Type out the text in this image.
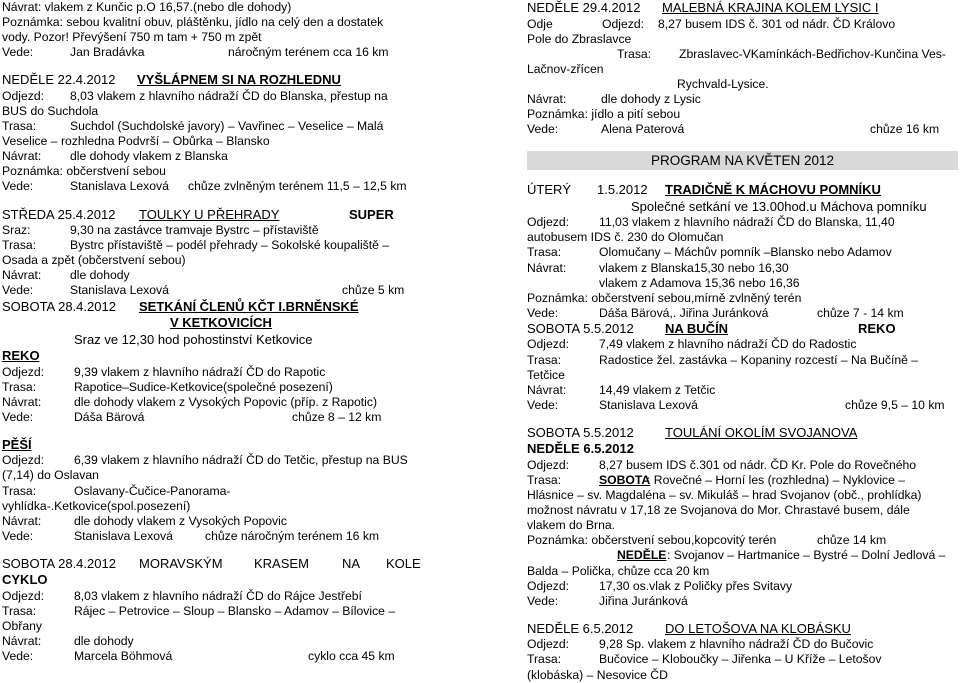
Návrat: vlakem z Kunčic p.O 16,57.(nebo dle dohody)
Poznámka: sebou kvalitní obuv, pláštěnku, jídlo na celý den a dostatek
vody. Pozor! Převýšení 750 m tam + 750 m zpět
Vede:	Jan Bradávka	náročným terénem cca 16 km
NEDĚLE 22.4.2012 VYŠLÁPNEM SI NA ROZHLEDNU
Odjezd: 8,03 vlakem z hlavního nádraží ČD do Blanska, přestup na
BUS do Suchdola
Trasa:	Suchdol (Suchdolské javory) – Vavřinec – Veselice – Malá
Veselice – rozhledna Podvrší – Obůrka – Blansko
Návrat: dle dohody vlakem z Blanska
Poznámka: občerstvení sebou
Vede:	Stanislava Lexová chůze zvlněným terénem 11,5 – 12,5 km
STŘEDA 25.4.2012 TOULKY U PŘEHRADY	SUPER
Sraz:	9,30 na zastávce tramvaje Bystrc – přístaviště
Trasa:	Bystrc přístaviště – podél přehrady – Sokolské koupaliště –
Osada a zpět (občerstvení sebou)
Návrat: dle dohody
Vede:	Stanislava Lexová	chůze 5 km
SOBOTA 28.4.2012 SETKÁNÍ ČLENŮ KČT I.BRNĚNSKÉ
V KETKOVICÍCH
Sraz ve 12,30 hod pohostinství Ketkovice
REKO
Odjezd: 9,39 vlakem z hlavního nádraží ČD do Rapotic
Trasa:	Rapotice–Sudice-Ketkovice(společné posezení)
Návrat:	dle dohody vlakem z Vysokých Popovic (příp. z Rapotic)
Vede:	Dáša Bärová	chůze 8 – 12 km
PĚŠÍ
Odjezd: 6,39 vlakem z hlavního nádraží ČD do Tetčic, přestup na BUS
(7,14) do Oslavan
Trasa:	Oslavany-Čučice-Panorama-
vyhlídka-.Ketkovice(spol.posezení)
Návrat:	dle dohody vlakem z Vysokých Popovic
Vede:	Stanislava Lexová	chůze náročným terénem 16 km
SOBOTA 28.4.2012 MORAVSKÝM KRASEM	NA KOLE
CYKLO
Odjezd: 8,03 vlakem z hlavního nádraží ČD do Rájce Jestřebí
Trasa:	Rájec – Petrovice – Sloup – Blansko – Adamov – Bílovice –
Obřany
Návrat:	dle dohody
Vede:	Marcela Böhmová	cyklo cca 45 km
NEDĚLE 29.4.2012 MALEBNÁ KRAJINA KOLEM LYSIC I
Odje	Odjezd: 8,27 busem IDS č. 301 od nádr. ČD Královo
Pole do Zbraslavce
Trasa: Zbraslavec-VKamínkách-Bedřichov-Kunčina Ves-
Lačnov-zřícen
Rychvald-Lysice.
Návrat:	dle dohody z Lysic
Poznámka: jídlo a pití sebou
Vede:	Alena Paterová	chůze 16 km
PROGRAM NA KVĚTEN 2012
ÚTERÝ 1.5.2012 TRADIČNĚ K MÁCHOVU POMNÍKU
Společné setkání ve 13.00hod.u Máchova pomníku
Odjezd: 11,03 vlakem z hlavního nádraží ČD do Blanska, 11,40
autobusem IDS č. 230 do Olomučan
Trasa:	Olomučany – Máchův pomník –Blansko nebo Adamov
Návrat:	vlakem z Blanska15,30 nebo 16,30
vlakem z Adamova 15,36 nebo 16,36
Poznámka: občerstvení sebou,mírně zvlněný terén
Vede:	Dáša Bärová,. Jiřina Juránková	chůze 7 - 14 km
SOBOTA 5.5.2012 NA BUČÍN	REKO
Odjezd: 7,49 vlakem z hlavního nádraží ČD do Radostic
Trasa:	Radostice žel. zastávka – Kopaniny rozcestí – Na Bučíně –
Tetčice
Návrat:	14,49 vlakem z Tetčic
Vede:	Stanislava Lexová	chůze 9,5 – 10 km
SOBOTA 5.5.2012 TOULÁNÍ OKOLÍM SVOJANOVA
NEDĚLE 6.5.2012
Odjezd: 8,27 busem IDS č.301 od nádr. ČD Kr. Pole do Rovečného
Trasa:	SOBOTA
: Rovečné – Horní les (rozhledna) – Nyklovice –
Hlásnice – sv. Magdaléna – sv. Mikuláš – hrad Svojanov (obč., prohlídka)
možnost návratu v 17,18 ze Svojanova do Mor. Chrastavé busem, dále
vlakem do Brna.
Poznámka: občerstvení sebou,kopcovitý terén	chůze 14 km
NEDĚLE : Svojanov – Hartmanice – Bystré – Dolní Jedlová –
Balda – Polička, chůze cca 20 km
Odjezd: 17,30 os.vlak z Poličky přes Svitavy
Vede:	Jiřina Juránková
NEDĚLE 6.5.2012 DO LETOŠOVA NA KLOBÁSKU
Odjezd: 9,28 Sp. vlakem z hlavního nádraží ČD do Bučovic
Trasa:	Bučovice – Kloboučky – Jiřenka – U Kříže – Letošov
(klobáska) – Nesovice ČD
